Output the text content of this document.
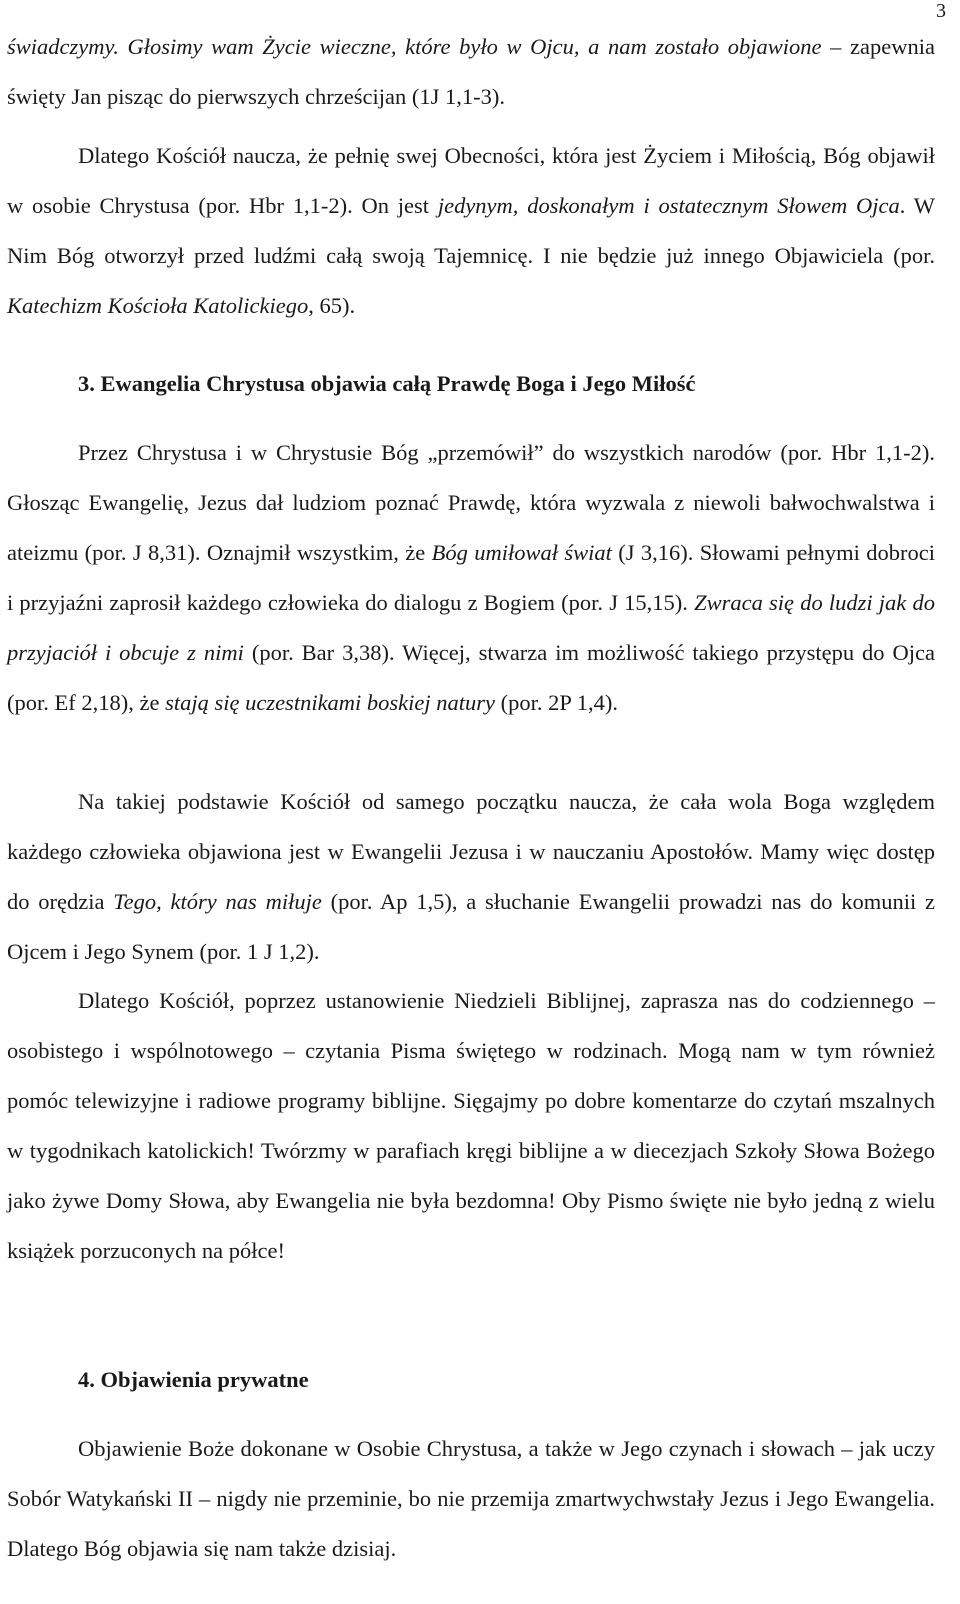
3
świadczymy. Głosimy wam Życie wieczne, które było w Ojcu, a nam zostało objawione – zapewnia święty Jan pisząc do pierwszych chrześcijan (1J 1,1-3).
Dlatego Kościół naucza, że pełnię swej Obecności, która jest Życiem i Miłością, Bóg objawił w osobie Chrystusa (por. Hbr 1,1-2). On jest jedynym, doskonałym i ostatecznym Słowem Ojca. W Nim Bóg otworzył przed ludźmi całą swoją Tajemnicę. I nie będzie już innego Objawiciela (por. Katechizm Kościoła Katolickiego, 65).
3. Ewangelia Chrystusa objawia całą Prawdę Boga i Jego Miłość
Przez Chrystusa i w Chrystusie Bóg „przemówił” do wszystkich narodów (por. Hbr 1,1-2). Głosząc Ewangelię, Jezus dał ludziom poznać Prawdę, która wyzwala z niewoli bałwochwalstwa i ateizmu (por. J 8,31). Oznajmił wszystkim, że Bóg umiłował świat (J 3,16). Słowami pełnymi dobroci i przyjaźni zaprosił każdego człowieka do dialogu z Bogiem (por. J 15,15). Zwraca się do ludzi jak do przyjaciół i obcuje z nimi (por. Bar 3,38). Więcej, stwarza im możliwość takiego przystępu do Ojca (por. Ef 2,18), że stają się uczestnikami boskiej natury (por. 2P 1,4).
Na takiej podstawie Kościół od samego początku naucza, że cała wola Boga względem każdego człowieka objawiona jest w Ewangelii Jezusa i w nauczaniu Apostołów. Mamy więc dostęp do orędzia Tego, który nas miłuje (por. Ap 1,5), a słuchanie Ewangelii prowadzi nas do komunii z Ojcem i Jego Synem (por. 1 J 1,2).
Dlatego Kościół, poprzez ustanowienie Niedzieli Biblijnej, zaprasza nas do codziennego – osobistego i wspólnotowego – czytania Pisma świętego w rodzinach. Mogą nam w tym również pomóc telewizyjne i radiowe programy biblijne. Sięgajmy po dobre komentarze do czytań mszalnych w tygodnikach katolickich! Twórzmy w parafiach kręgi biblijne a w diecezjach Szkoły Słowa Bożego jako żywe Domy Słowa, aby Ewangelia nie była bezdomna! Oby Pismo święte nie było jedną z wielu książek porzuconych na półce!
4. Objawienia prywatne
Objawienie Boże dokonane w Osobie Chrystusa, a także w Jego czynach i słowach – jak uczy Sobór Watykański II – nigdy nie przeminie, bo nie przemija zmartwychwstały Jezus i Jego Ewangelia. Dlatego Bóg objawia się nam także dzisiaj.
